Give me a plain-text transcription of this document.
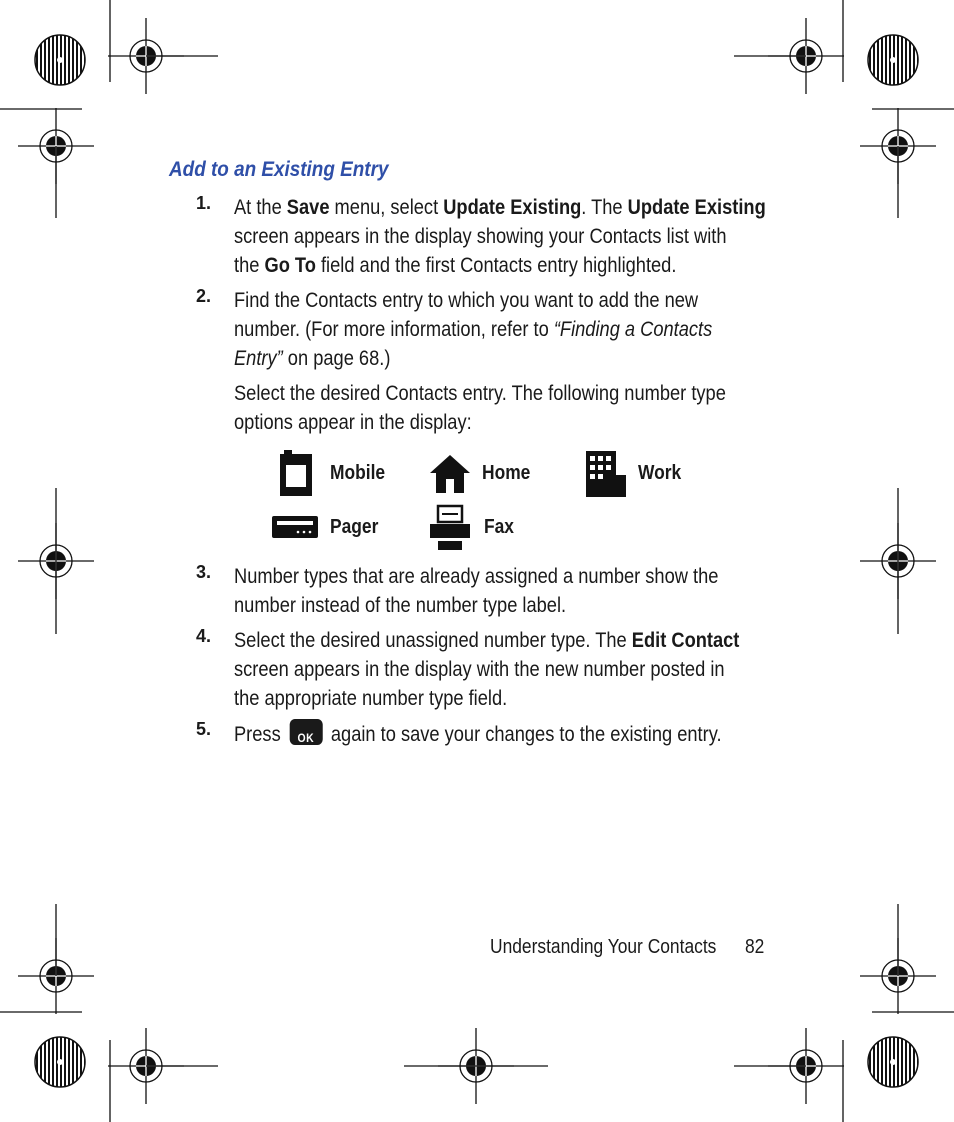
Add to an Existing Entry
1. At the Save menu, select Update Existing. The Update Existing
screen appears in the display showing your Contacts list with
the Go To field and the first Contacts entry highlighted.
2. Find the Contacts entry to which you want to add the new
number. (For more information, refer to “Finding a Contacts
Entry” on page 68.)
Select the desired Contacts entry. The following number type
options appear in the display:
Mobile	Home	Work
Pager	Fax
3. Number types that are already assigned a number show the
number instead of the number type label.
4. Select the desired unassigned number type. The Edit Contact
screen appears in the display with the new number posted in
the appropriate number type field.
5. Press OK again to save your changes to the existing entry.
Understanding Your Contacts 82
